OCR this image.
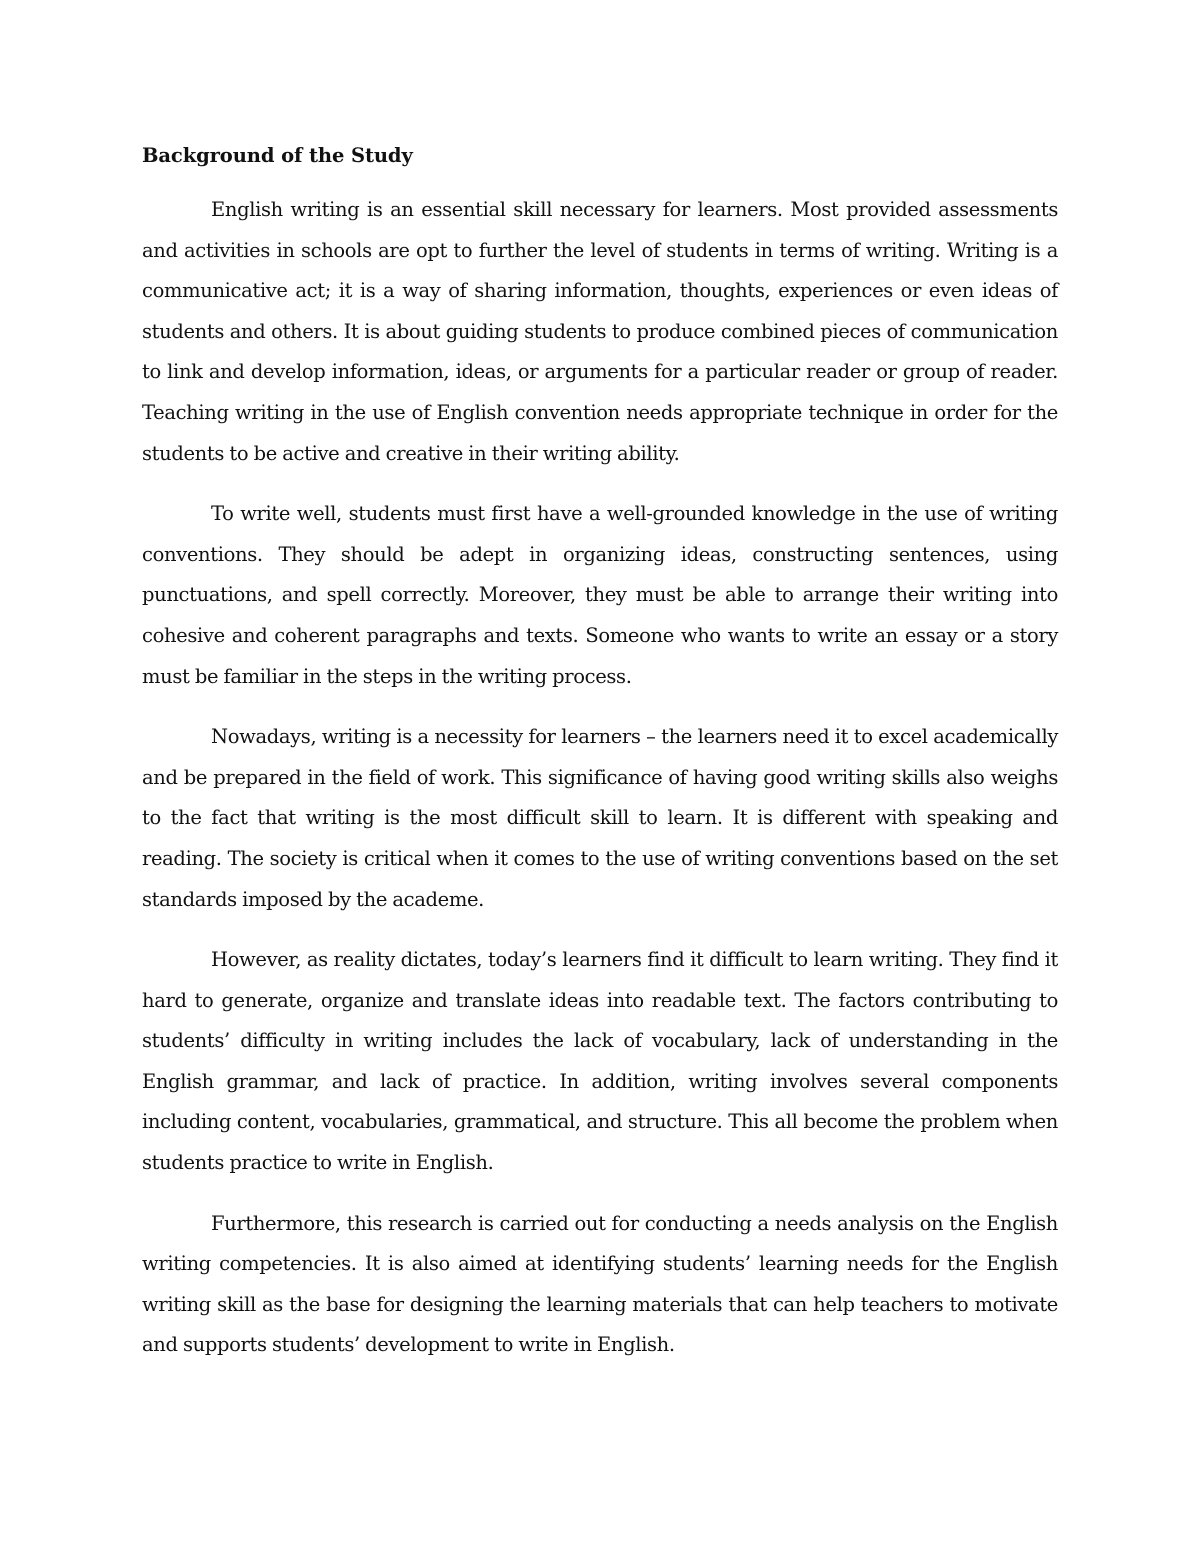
Background of the Study

English writing is an essential skill necessary for learners. Most provided assessments and activities in schools are opt to further the level of students in terms of writing. Writing is a communicative act; it is a way of sharing information, thoughts, experiences or even ideas of students and others. It is about guiding students to produce combined pieces of communication to link and develop information, ideas, or arguments for a particular reader or group of reader. Teaching writing in the use of English convention needs appropriate technique in order for the students to be active and creative in their writing ability.

To write well, students must first have a well-grounded knowledge in the use of writing conventions. They should be adept in organizing ideas, constructing sentences, using punctuations, and spell correctly. Moreover, they must be able to arrange their writing into cohesive and coherent paragraphs and texts. Someone who wants to write an essay or a story must be familiar in the steps in the writing process.

Nowadays, writing is a necessity for learners – the learners need it to excel academically and be prepared in the field of work. This significance of having good writing skills also weighs to the fact that writing is the most difficult skill to learn. It is different with speaking and reading. The society is critical when it comes to the use of writing conventions based on the set standards imposed by the academe.

However, as reality dictates, today’s learners find it difficult to learn writing. They find it hard to generate, organize and translate ideas into readable text. The factors contributing to students’ difficulty in writing includes the lack of vocabulary, lack of understanding in the English grammar, and lack of practice. In addition, writing involves several components including content, vocabularies, grammatical, and structure. This all become the problem when students practice to write in English.

Furthermore, this research is carried out for conducting a needs analysis on the English writing competencies. It is also aimed at identifying students’ learning needs for the English writing skill as the base for designing the learning materials that can help teachers to motivate and supports students’ development to write in English.
